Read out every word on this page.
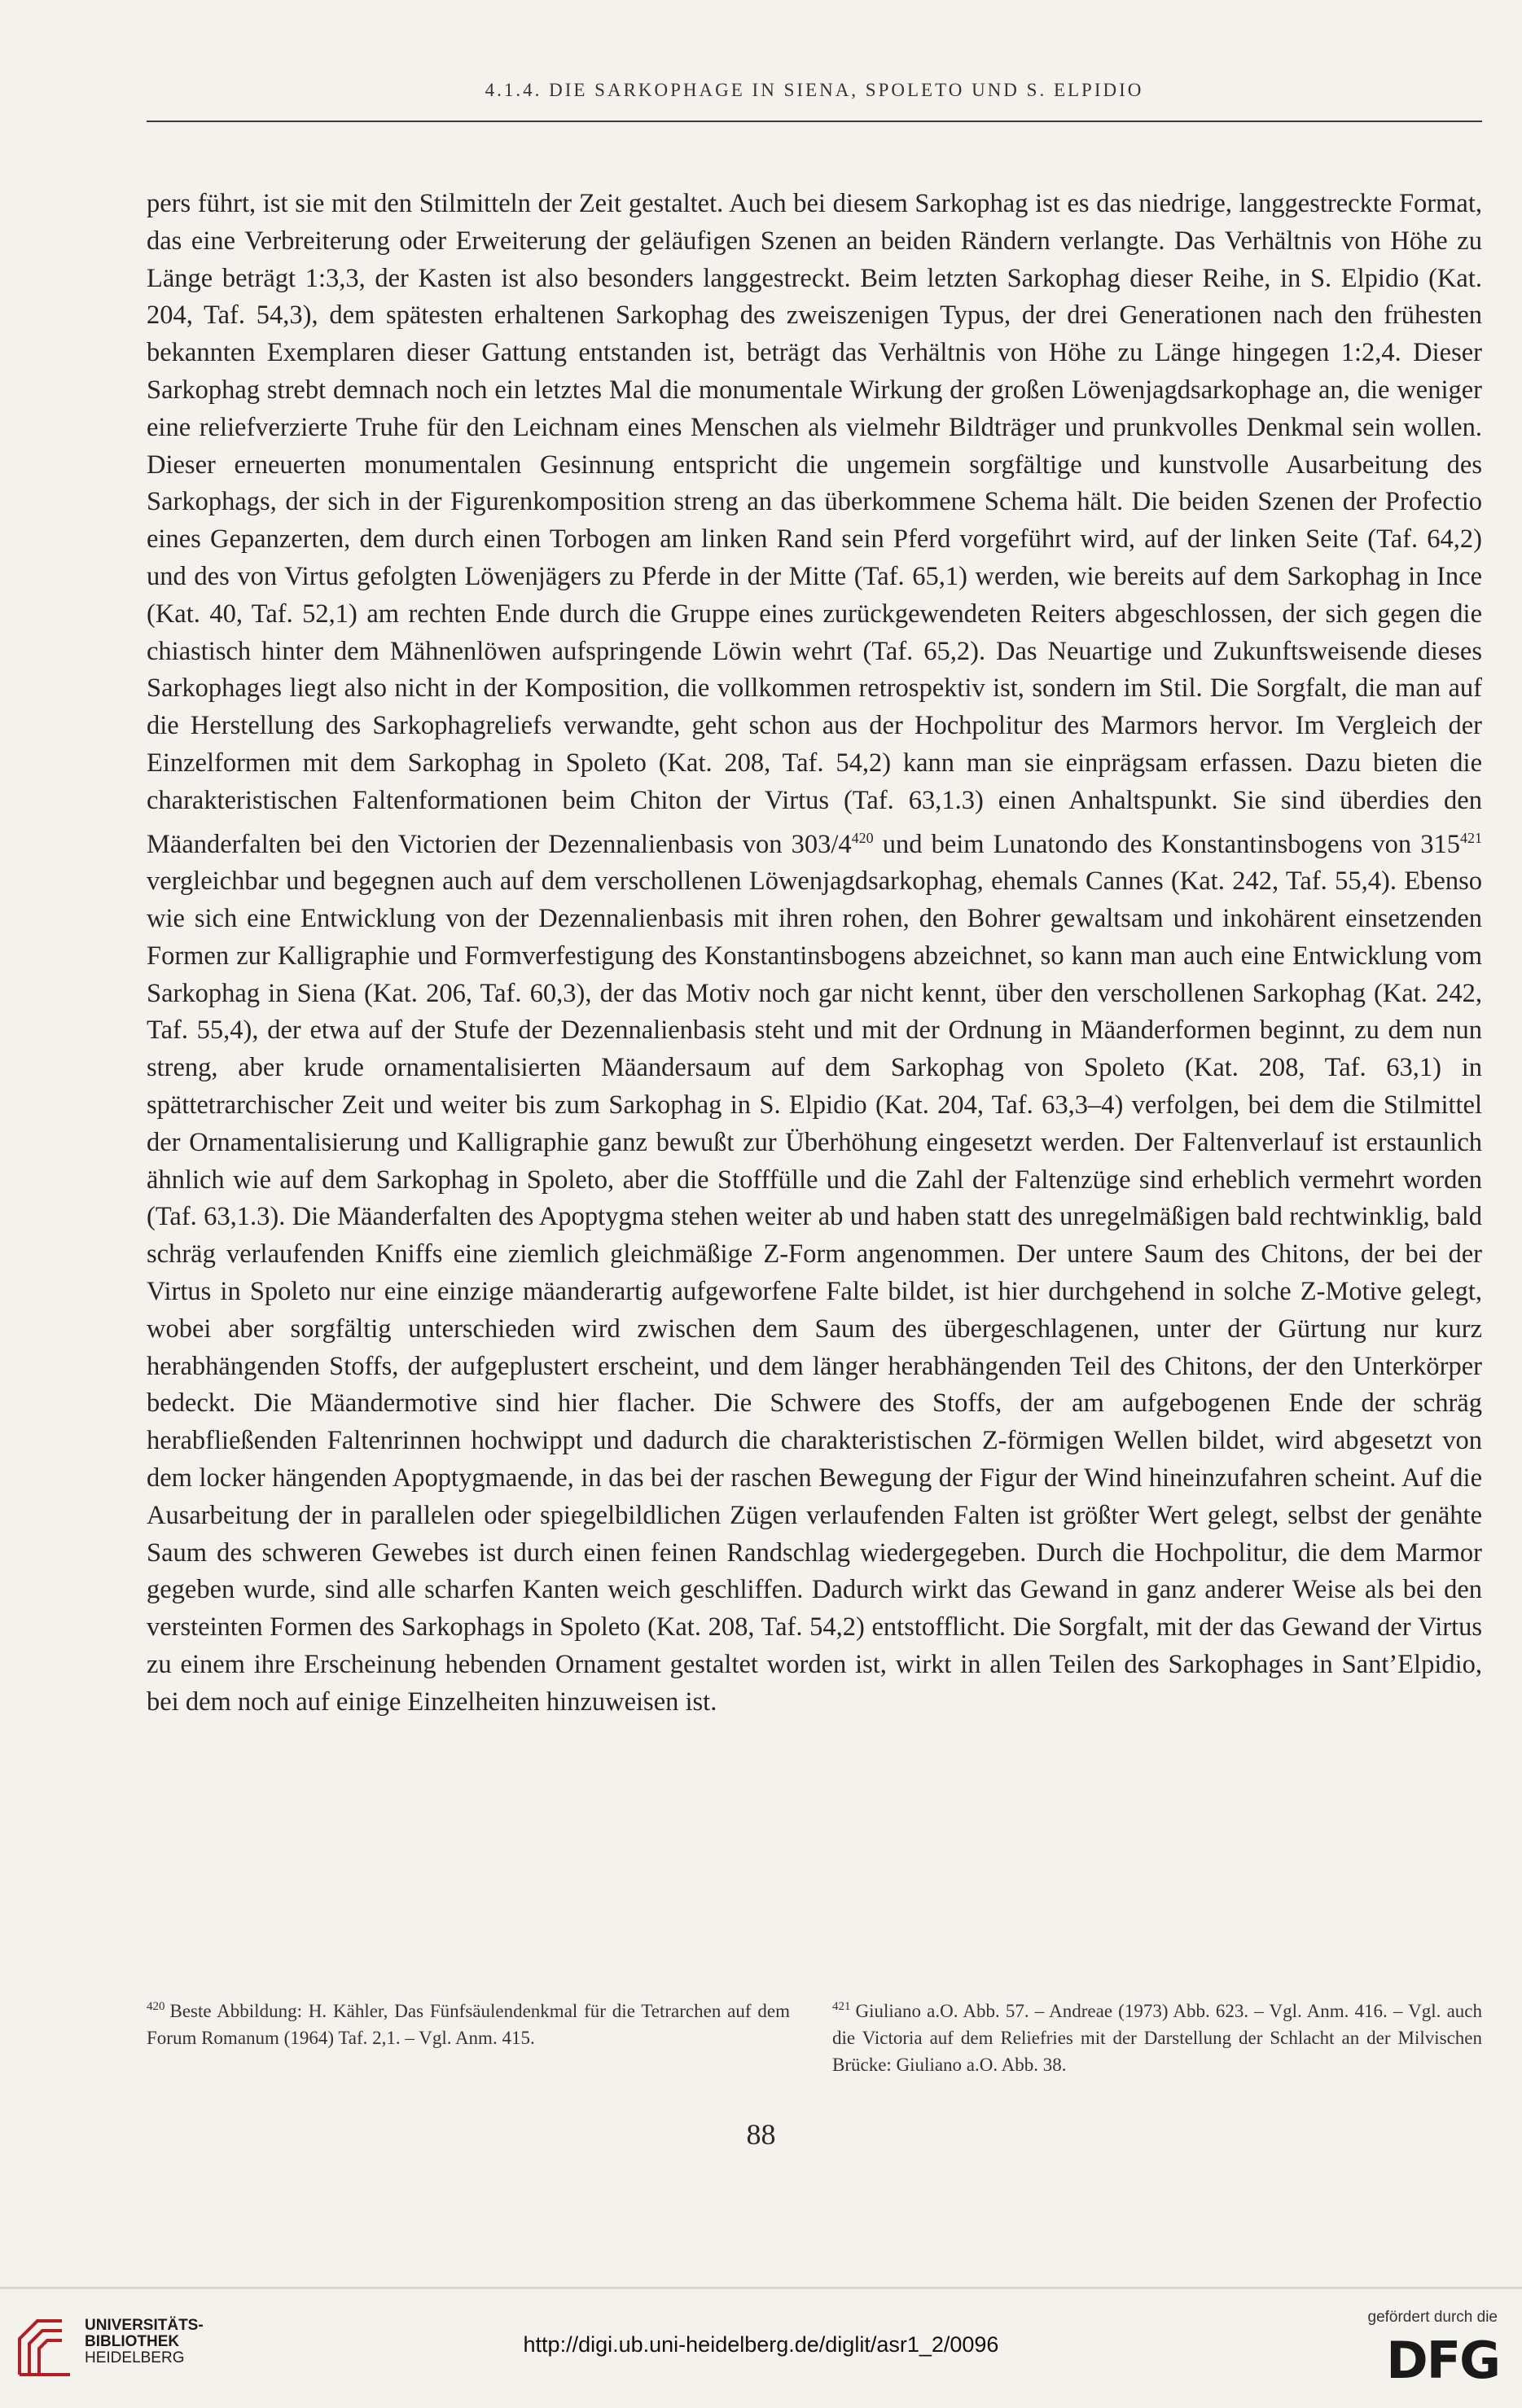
4.1.4. DIE SARKOPHAGE IN SIENA, SPOLETO UND S. ELPIDIO

pers führt, ist sie mit den Stilmitteln der Zeit gestaltet. Auch bei diesem Sarkophag ist es das niedrige, langgestreckte Format, das eine Verbreiterung oder Erweiterung der geläufigen Szenen an beiden Rändern verlangte. Das Verhältnis von Höhe zu Länge beträgt 1:3,3, der Kasten ist also besonders langgestreckt. Beim letzten Sarkophag dieser Reihe, in S. Elpidio (Kat. 204, Taf. 54,3), dem spätesten erhaltenen Sarkophag des zweiszenigen Typus, der drei Generationen nach den frühesten bekannten Exemplaren dieser Gattung entstanden ist, beträgt das Verhältnis von Höhe zu Länge hingegen 1:2,4. Dieser Sarkophag strebt demnach noch ein letztes Mal die monumentale Wirkung der großen Löwenjagdsarkophage an, die weniger eine reliefverzierte Truhe für den Leichnam eines Menschen als vielmehr Bildträger und prunkvolles Denkmal sein wollen. Dieser erneuerten monumentalen Gesinnung entspricht die ungemein sorgfältige und kunstvolle Ausarbeitung des Sarkophags, der sich in der Figurenkomposition streng an das überkommene Schema hält. Die beiden Szenen der Profectio eines Gepanzerten, dem durch einen Torbogen am linken Rand sein Pferd vorgeführt wird, auf der linken Seite (Taf. 64,2) und des von Virtus gefolgten Löwenjägers zu Pferde in der Mitte (Taf. 65,1) werden, wie bereits auf dem Sarkophag in Ince (Kat. 40, Taf. 52,1) am rechten Ende durch die Gruppe eines zurückgewendeten Reiters abgeschlossen, der sich gegen die chiastisch hinter dem Mähnenlöwen aufspringende Löwin wehrt (Taf. 65,2). Das Neuartige und Zukunftsweisende dieses Sarkophages liegt also nicht in der Komposition, die vollkommen retrospektiv ist, sondern im Stil. Die Sorgfalt, die man auf die Herstellung des Sarkophagreliefs verwandte, geht schon aus der Hochpolitur des Marmors hervor. Im Vergleich der Einzelformen mit dem Sarkophag in Spoleto (Kat. 208, Taf. 54,2) kann man sie einprägsam erfassen. Dazu bieten die charakteristischen Faltenformationen beim Chiton der Virtus (Taf. 63,1.3) einen Anhaltspunkt. Sie sind überdies den Mäanderfalten bei den Victorien der Dezennalienbasis von $303/4^{420}$ und beim Lunatondo des Konstantinsbogens von $315^{421}$ vergleichbar und begegnen auch auf dem verschollenen Löwenjagdsarkophag, ehemals Cannes (Kat. 242, Taf. 55,4). Ebenso wie sich eine Entwicklung von der Dezennalienbasis mit ihren rohen, den Bohrer gewaltsam und inkohärent einsetzenden Formen zur Kalligraphie und Formverfestigung des Konstantinsbogens abzeichnet, so kann man auch eine Entwicklung vom Sarkophag in Siena (Kat. 206, Taf. 60,3), der das Motiv noch gar nicht kennt, über den verschollenen Sarkophag (Kat. 242, Taf. 55,4), der etwa auf der Stufe der Dezennalienbasis steht und mit der Ordnung in Mäanderformen beginnt, zu dem nun streng, aber krude ornamentalisierten Mäandersaum auf dem Sarkophag von Spoleto (Kat. 208, Taf. 63,1) in spättetrarchischer Zeit und weiter bis zum Sarkophag in S. Elpidio (Kat. 204, Taf. 63,3–4) verfolgen, bei dem die Stilmittel der Ornamentalisierung und Kalligraphie ganz bewußt zur Überhöhung eingesetzt werden. Der Faltenverlauf ist erstaunlich ähnlich wie auf dem Sarkophag in Spoleto, aber die Stofffülle und die Zahl der Faltenzüge sind erheblich vermehrt worden (Taf. 63,1.3). Die Mäanderfalten des Apoptygma stehen weiter ab und haben statt des unregelmäßigen bald rechtwinklig, bald schräg verlaufenden Kniffs eine ziemlich gleichmäßige Z-Form angenommen. Der untere Saum des Chitons, der bei der Virtus in Spoleto nur eine einzige mäanderartig aufgeworfene Falte bildet, ist hier durchgehend in solche Z-Motive gelegt, wobei aber sorgfältig unterschieden wird zwischen dem Saum des übergeschlagenen, unter der Gürtung nur kurz herabhängenden Stoffs, der aufgeplustert erscheint, und dem länger herabhängenden Teil des Chitons, der den Unterkörper bedeckt. Die Mäandermotive sind hier flacher. Die Schwere des Stoffs, der am aufgebogenen Ende der schräg herabfließenden Faltenrinnen hochwippt und dadurch die charakteristischen Z-förmigen Wellen bildet, wird abgesetzt von dem locker hängenden Apoptygmaende, in das bei der raschen Bewegung der Figur der Wind hineinzufahren scheint. Auf die Ausarbeitung der in parallelen oder spiegelbildlichen Zügen verlaufenden Falten ist größter Wert gelegt, selbst der genähte Saum des schweren Gewebes ist durch einen feinen Randschlag wiedergegeben. Durch die Hochpolitur, die dem Marmor gegeben wurde, sind alle scharfen Kanten weich geschliffen. Dadurch wirkt das Gewand in ganz anderer Weise als bei den versteinten Formen des Sarkophags in Spoleto (Kat. 208, Taf. 54,2) entstofflicht. Die Sorgfalt, mit der das Gewand der Virtus zu einem ihre Erscheinung hebenden Ornament gestaltet worden ist, wirkt in allen Teilen des Sarkophages in Sant’Elpidio, bei dem noch auf einige Einzelheiten hinzuweisen ist.

$^{420}$ Beste Abbildung: H. Kähler, Das Fünfsäulendenkmal für die Tetrarchen auf dem Forum Romanum (1964) Taf. 2,1. – Vgl. Anm. 415.
$^{421}$ Giuliano a.O. Abb. 57. – Andreae (1973) Abb. 623. – Vgl. Anm. 416. – Vgl. auch die Victoria auf dem Reliefries mit der Darstellung der Schlacht an der Milvischen Brücke: Giuliano a.O. Abb. 38.
88
UNIVERSITÄTS-
BIBLIOTHEK
HEIDELBERG
http://digi.ub.uni-heidelberg.de/diglit/asr1_2/0096
gefördert durch die
DFG
